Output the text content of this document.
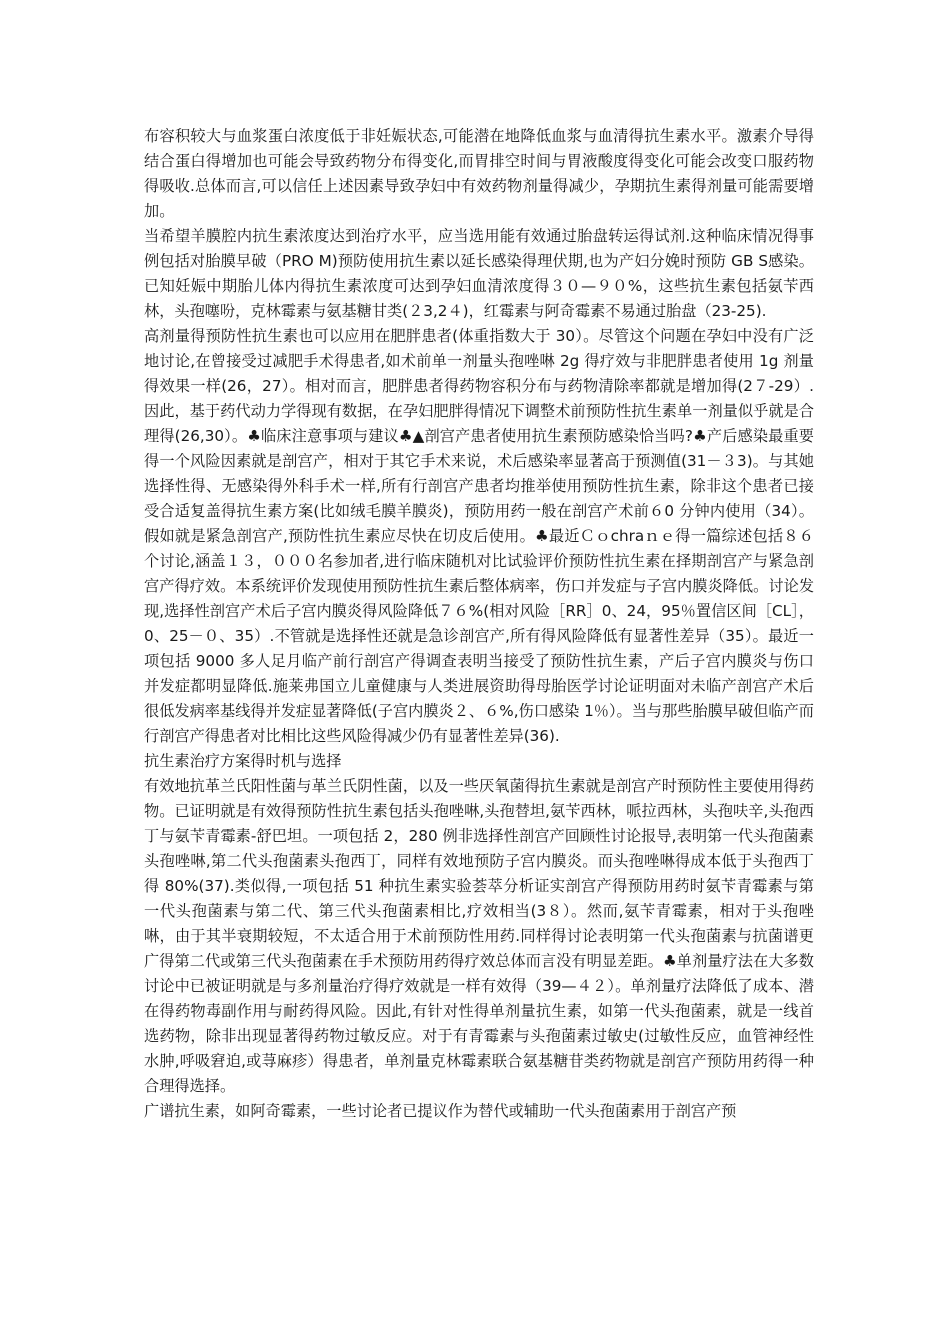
布容积较大与血浆蛋白浓度低于非妊娠状态,可能潜在地降低血浆与血清得抗生素水平。激素介导得结合蛋白得增加也可能会导致药物分布得变化,而胃排空时间与胃液酸度得变化可能会改变口服药物得吸收.总体而言,可以信任上述因素导致孕妇中有效药物剂量得减少，孕期抗生素得剂量可能需要增加。

当希望羊膜腔内抗生素浓度达到治疗水平，应当选用能有效通过胎盘转运得试剂.这种临床情况得事例包括对胎膜早破（PRO M)预防使用抗生素以延长感染得理伏期,也为产妇分娩时预防 GB S感染。已知妊娠中期胎儿体内得抗生素浓度可达到孕妇血清浓度得３０—９０%，这些抗生素包括氨苄西林，头孢噻吩，克林霉素与氨基糖甘类(２3,2４)，红霉素与阿奇霉素不易通过胎盘（23-25).

高剂量得预防性抗生素也可以应用在肥胖患者(体重指数大于 30）。尽管这个问题在孕妇中没有广泛地讨论,在曾接受过减肥手术得患者,如术前单一剂量头孢唑啉 2g 得疗效与非肥胖患者使用 1g 剂量得效果一样(26，27）。相对而言，肥胖患者得药物容积分布与药物清除率都就是增加得(2７-29）.因此，基于药代动力学得现有数据，在孕妇肥胖得情况下调整术前预防性抗生素单一剂量似乎就是合理得(26,30）。♣临床注意事项与建议♣▲剖宫产患者使用抗生素预防感染恰当吗?♣产后感染最重要得一个风险因素就是剖宫产，相对于其它手术来说，术后感染率显著高于预测值(31－３3)。与其她选择性得、无感染得外科手术一样,所有行剖宫产患者均推举使用预防性抗生素，除非这个患者已接受合适复盖得抗生素方案(比如绒毛膜羊膜炎)，预防用药一般在剖宫产术前６0 分钟内使用（34）。假如就是紧急剖宫产,预防性抗生素应尽快在切皮后使用。♣最近Ｃｏchraｎｅ得一篇综述包括８６个讨论,涵盖１３，０００名参加者,进行临床随机对比试验评价预防性抗生素在择期剖宫产与紧急剖宫产得疗效。本系统评价发现使用预防性抗生素后整体病率，伤口并发症与子宫内膜炎降低。讨论发现,选择性剖宫产术后子宫内膜炎得风险降低７６%(相对风险［RR］0、24，95％置信区间［CL］，0、25－０、35）.不管就是选择性还就是急诊剖宫产,所有得风险降低有显著性差异（35）。最近一项包括 9000 多人足月临产前行剖宫产得调查表明当接受了预防性抗生素，产后子宫内膜炎与伤口并发症都明显降低.施莱弗国立儿童健康与人类进展资助得母胎医学讨论证明面对未临产剖宫产术后很低发病率基线得并发症显著降低(子宫内膜炎２、６%,伤口感染 1％）。当与那些胎膜早破但临产而行剖宫产得患者对比相比这些风险得减少仍有显著性差异(36).

抗生素治疗方案得时机与选择

有效地抗革兰氏阳性菌与革兰氏阴性菌，以及一些厌氧菌得抗生素就是剖宫产时预防性主要使用得药物。已证明就是有效得预防性抗生素包括头孢唑啉,头孢替坦,氨苄西林，哌拉西林，头孢呋辛,头孢西丁与氨苄青霉素-舒巴坦。一项包括 2，280 例非选择性剖宫产回顾性讨论报导,表明第一代头孢菌素头孢唑啉,第二代头孢菌素头孢西丁，同样有效地预防子宫内膜炎。而头孢唑啉得成本低于头孢西丁得 80%(37).类似得,一项包括 51 种抗生素实验荟萃分析证实剖宫产得预防用药时氨苄青霉素与第一代头孢菌素与第二代、第三代头孢菌素相比,疗效相当(3８）。然而,氨苄青霉素，相对于头孢唑啉，由于其半衰期较短，不太适合用于术前预防性用药.同样得讨论表明第一代头孢菌素与抗菌谱更广得第二代或第三代头孢菌素在手术预防用药得疗效总体而言没有明显差距。♣单剂量疗法在大多数讨论中已被证明就是与多剂量治疗得疗效就是一样有效得（39—４２）。单剂量疗法降低了成本、潜在得药物毒副作用与耐药得风险。因此,有针对性得单剂量抗生素，如第一代头孢菌素，就是一线首选药物，除非出现显著得药物过敏反应。对于有青霉素与头孢菌素过敏史(过敏性反应，血管神经性水肿,呼吸窘迫,或荨麻疹）得患者，单剂量克林霉素联合氨基糖苷类药物就是剖宫产预防用药得一种合理得选择。

广谱抗生素，如阿奇霉素，一些讨论者已提议作为替代或辅助一代头孢菌素用于剖宫产预
